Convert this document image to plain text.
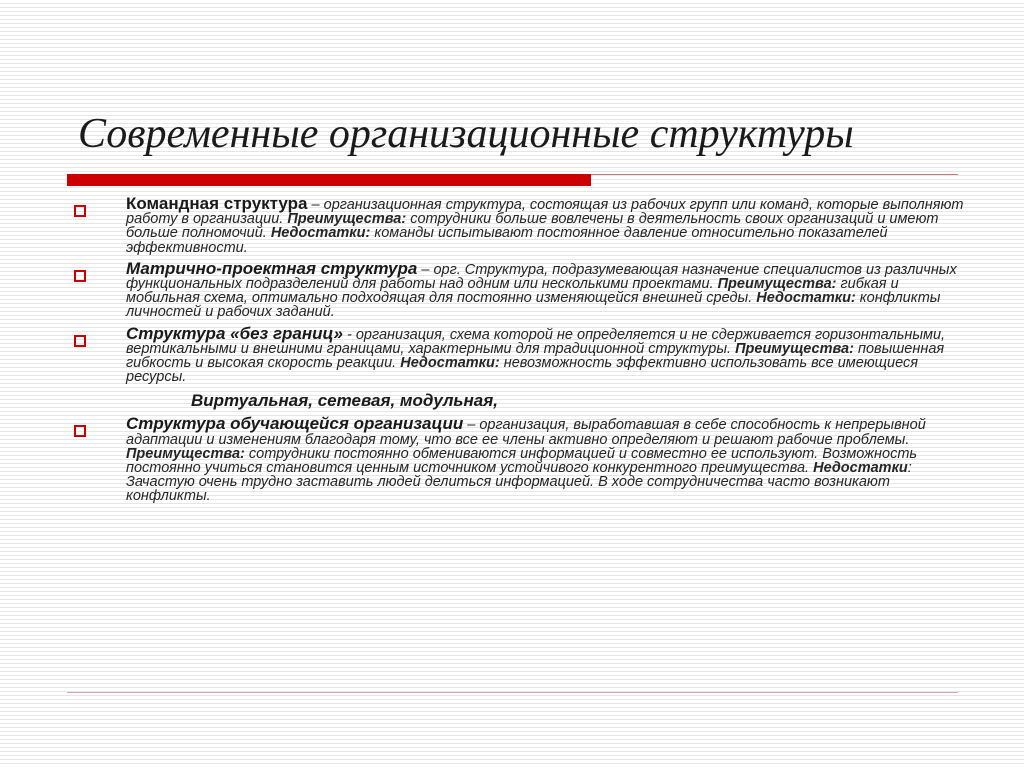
Современные организационные структуры
Командная структура – организационная структура, состоящая из рабочих групп или команд, которые выполняют работу в организации. Преимущества: сотрудники больше вовлечены в деятельность своих организаций и имеют больше полномочий. Недостатки: команды испытывают постоянное давление относительно показателей эффективности.
Матрично-проектная структура – орг. Структура, подразумевающая назначение специалистов из различных функциональных подразделений для работы над одним или несколькими проектами. Преимущества: гибкая и мобильная схема, оптимально подходящая для постоянно изменяющейся внешней среды. Недостатки: конфликты личностей и рабочих заданий.
Структура «без границ» - организация, схема которой не определяется и не сдерживается горизонтальными, вертикальными и внешними границами, характерными для традиционной структуры. Преимущества: повышенная гибкость и высокая скорость реакции. Недостатки: невозможность эффективно использовать все имеющиеся ресурсы.
Виртуальная, сетевая, модульная,
Структура обучающейся организации – организация, выработавшая в себе способность к непрерывной адаптации и изменениям благодаря тому, что все ее члены активно определяют и решают рабочие проблемы. Преимущества: сотрудники постоянно обмениваются информацией и совместно ее используют. Возможность постоянно учиться становится ценным источником устойчивого конкурентного преимущества. Недостатки: Зачастую очень трудно заставить людей делиться информацией. В ходе сотрудничества часто возникают конфликты.
